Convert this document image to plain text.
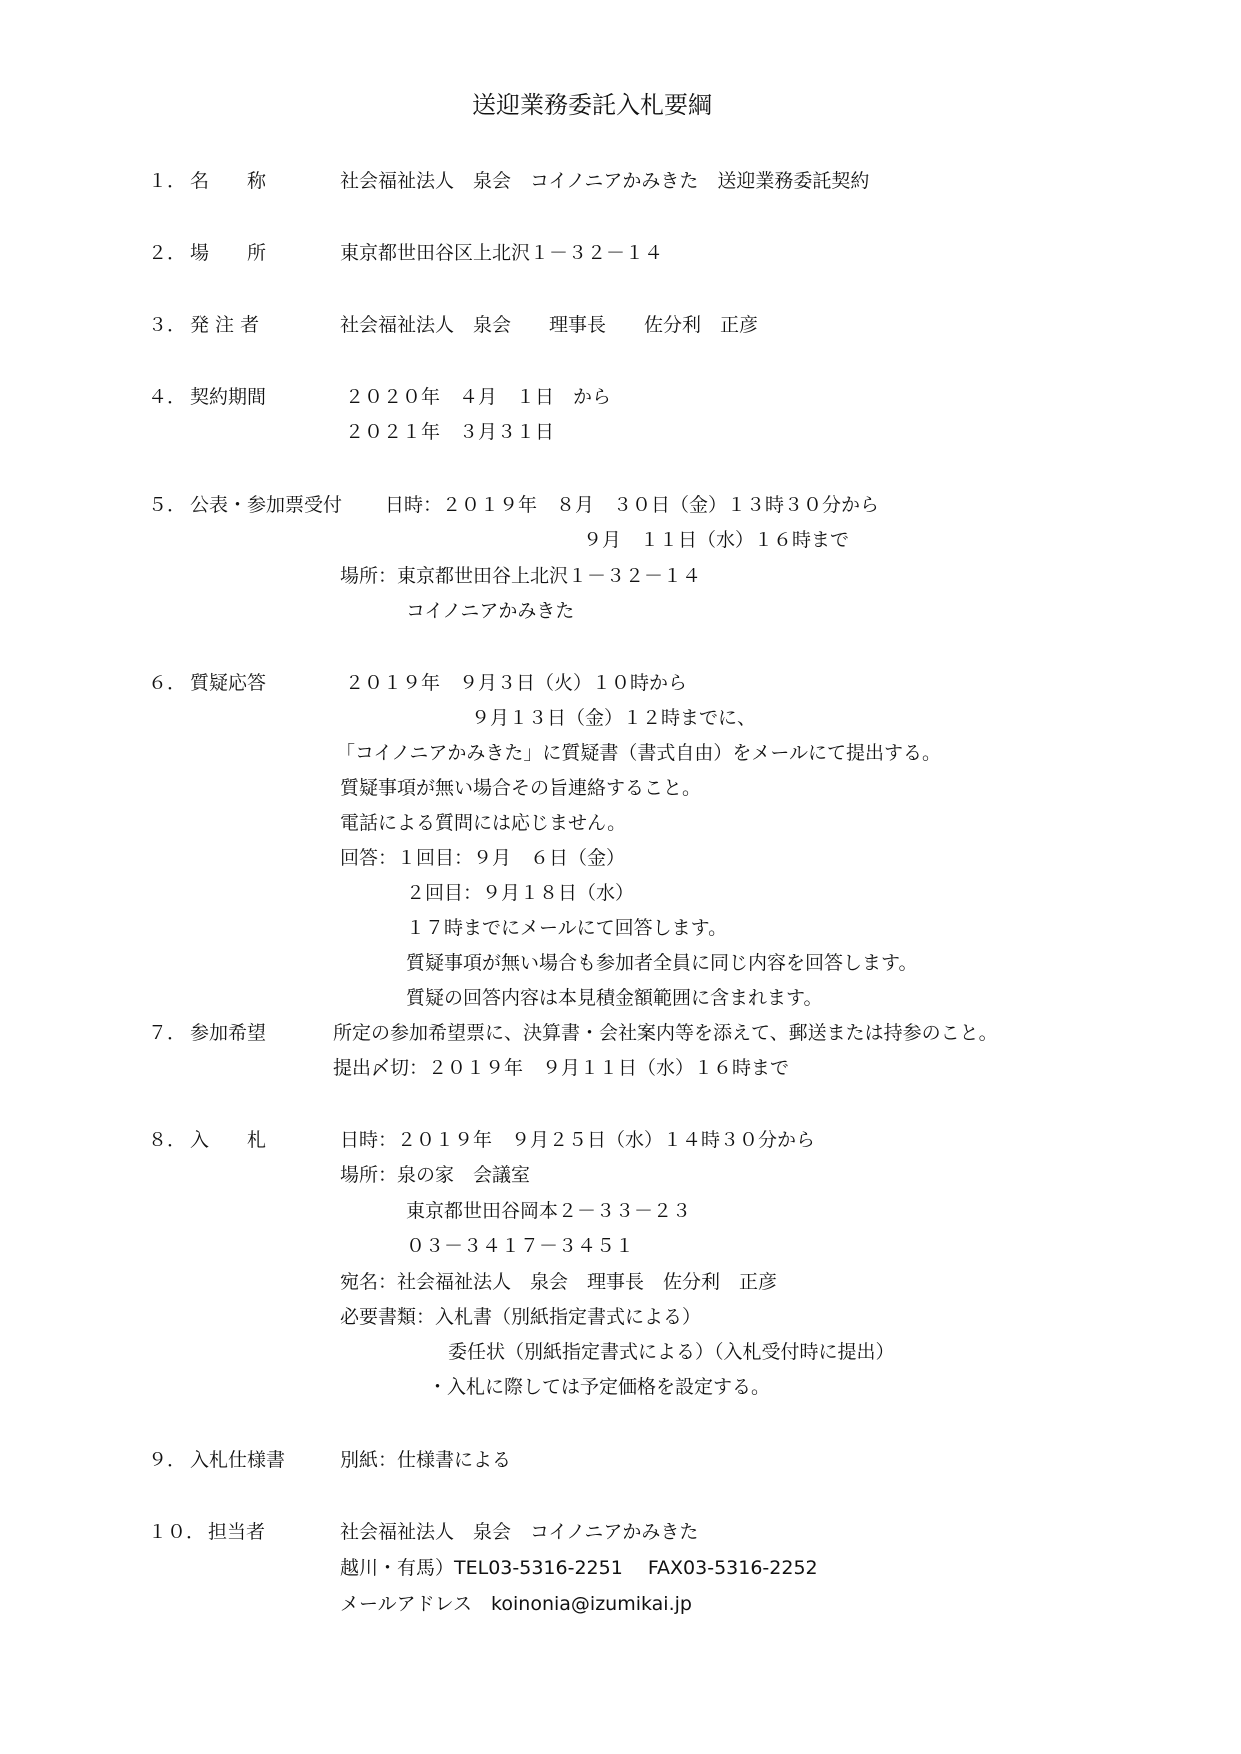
送迎業務委託入札要綱
１． 名　　称	社会福祉法人　泉会　コイノニアかみきた　送迎業務委託契約
２． 場　　所	東京都世田谷区上北沢１－３２－１４
３． 発 注 者	社会福祉法人　泉会　　理事長　　佐分利　正彦
４． 契約期間	２０２０年　４月　１日　から
２０２１年　３月３１日
５． 公表・参加票受付 日時：２０１９年　８月　３０日（金）１３時３０分から
９月　１１日（水）１６時まで
場所：東京都世田谷上北沢１－３２－１４
コイノニアかみきた
６． 質疑応答	２０１９年　９月３日（火）１０時から
９月１３日（金）１２時までに、
「コイノニアかみきた」に質疑書（書式自由）をメールにて提出する。
質疑事項が無い場合その旨連絡すること。
電話による質問には応じません。
回答：１回目：９月　６日（金）
２回目：９月１８日（水）
１７時までにメールにて回答します。
質疑事項が無い場合も参加者全員に同じ内容を回答します。
質疑の回答内容は本見積金額範囲に含まれます。
７． 参加希望	所定の参加希望票に、決算書・会社案内等を添えて、郵送または持参のこと。
提出〆切：２０１９年　９月１１日（水）１６時まで
８． 入　　札	日時：２０１９年　９月２５日（水）１４時３０分から
場所：泉の家　会議室
東京都世田谷岡本２－３３－２３
０３－３４１７－３４５１
宛名：社会福祉法人　泉会　理事長　佐分利　正彦
必要書類：入札書（別紙指定書式による）
委任状（別紙指定書式による）（入札受付時に提出）
・入札に際しては予定価格を設定する。
９． 入札仕様書	別紙：仕様書による
１０． 担当者	社会福祉法人　泉会　コイノニアかみきた
越川・有馬）TEL03-5316-2251　 FAX03-5316-2252
メールアドレス　koinonia@izumikai.jp
